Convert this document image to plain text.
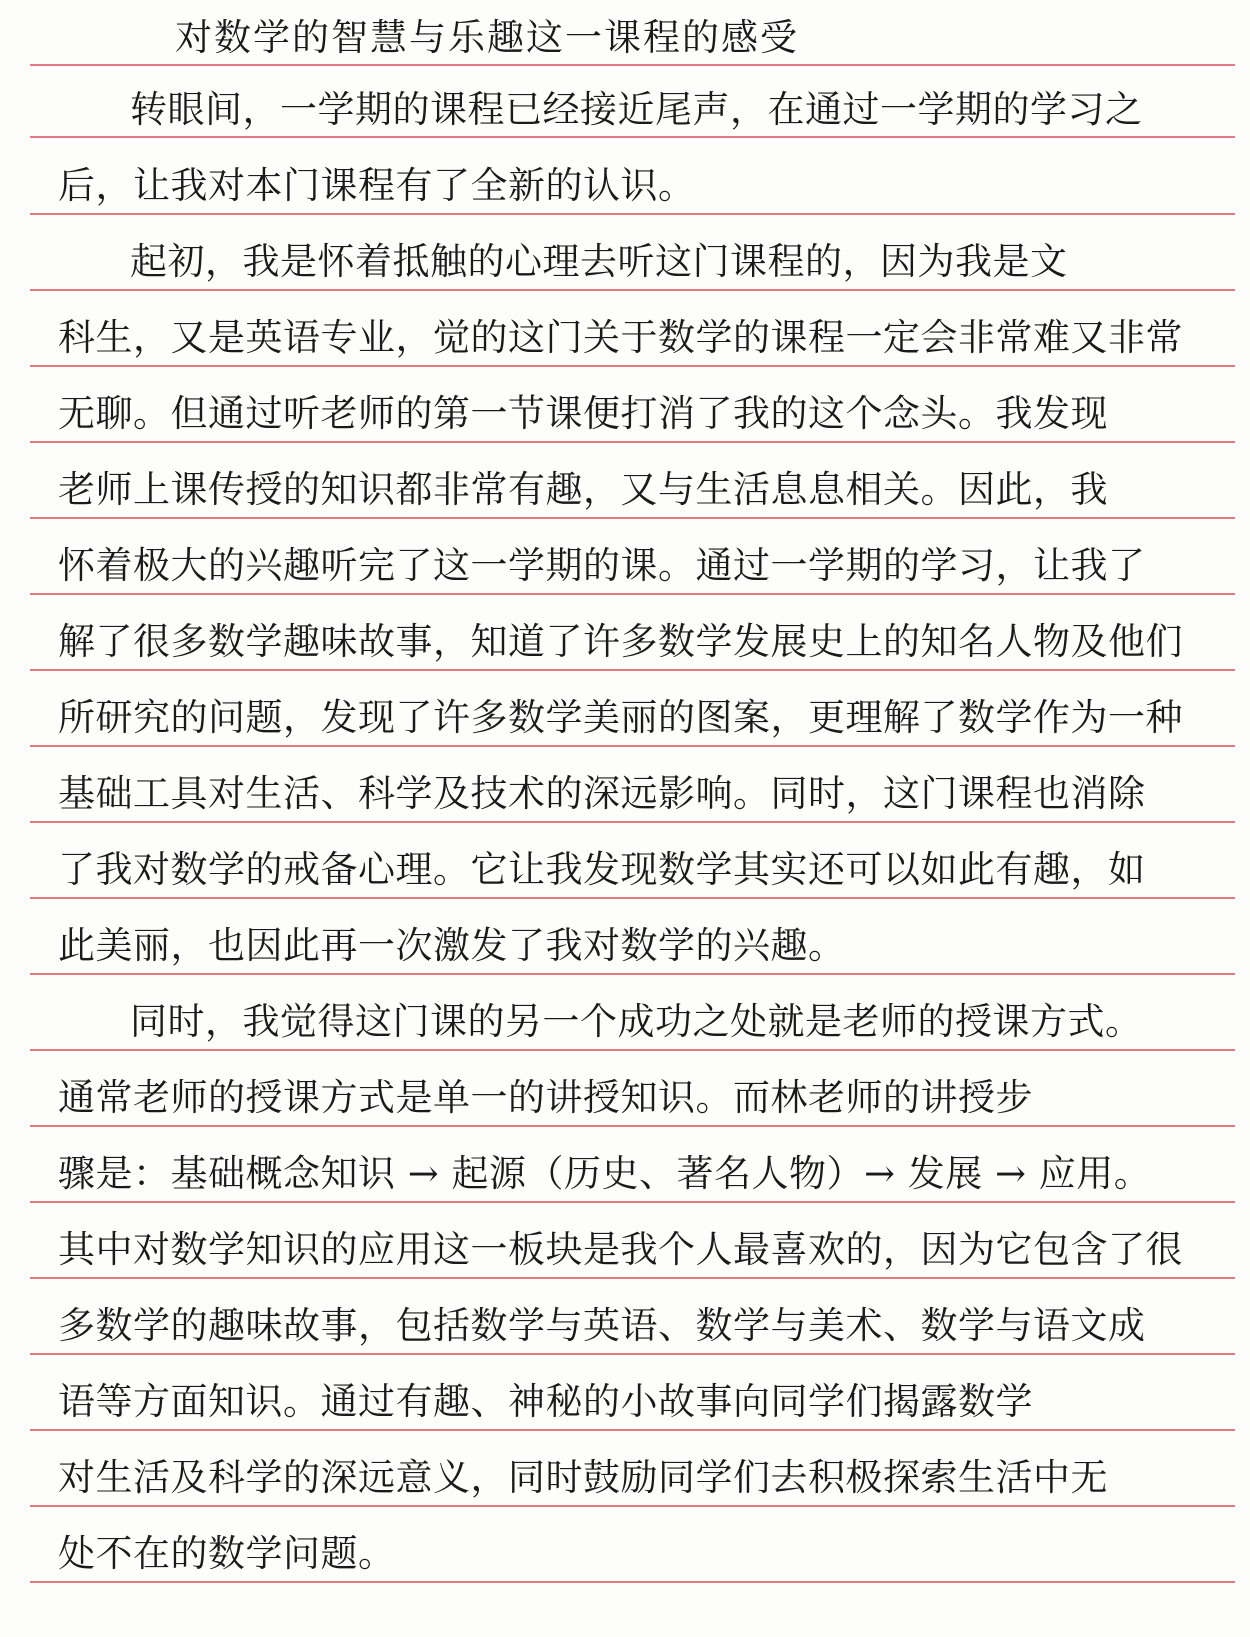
对数学的智慧与乐趣这一课程的感受
转眼间，一学期的课程已经接近尾声，在通过一学期的学习之
后，让我对本门课程有了全新的认识。
起初，我是怀着抵触的心理去听这门课程的，因为我是文
科生，又是英语专业，觉的这门关于数学的课程一定会非常难又非常
无聊。但通过听老师的第一节课便打消了我的这个念头。我发现
老师上课传授的知识都非常有趣，又与生活息息相关。因此，我
怀着极大的兴趣听完了这一学期的课。通过一学期的学习，让我了
解了很多数学趣味故事，知道了许多数学发展史上的知名人物及他们
所研究的问题，发现了许多数学美丽的图案，更理解了数学作为一种
基础工具对生活、科学及技术的深远影响。同时，这门课程也消除
了我对数学的戒备心理。它让我发现数学其实还可以如此有趣，如
此美丽，也因此再一次激发了我对数学的兴趣。
同时，我觉得这门课的另一个成功之处就是老师的授课方式。
通常老师的授课方式是单一的讲授知识。而林老师的讲授步
骤是：基础概念知识 → 起源（历史、著名人物）→ 发展 → 应用。
其中对数学知识的应用这一板块是我个人最喜欢的，因为它包含了很
多数学的趣味故事，包括数学与英语、数学与美术、数学与语文成
语等方面知识。通过有趣、神秘的小故事向同学们揭露数学
对生活及科学的深远意义，同时鼓励同学们去积极探索生活中无
处不在的数学问题。
